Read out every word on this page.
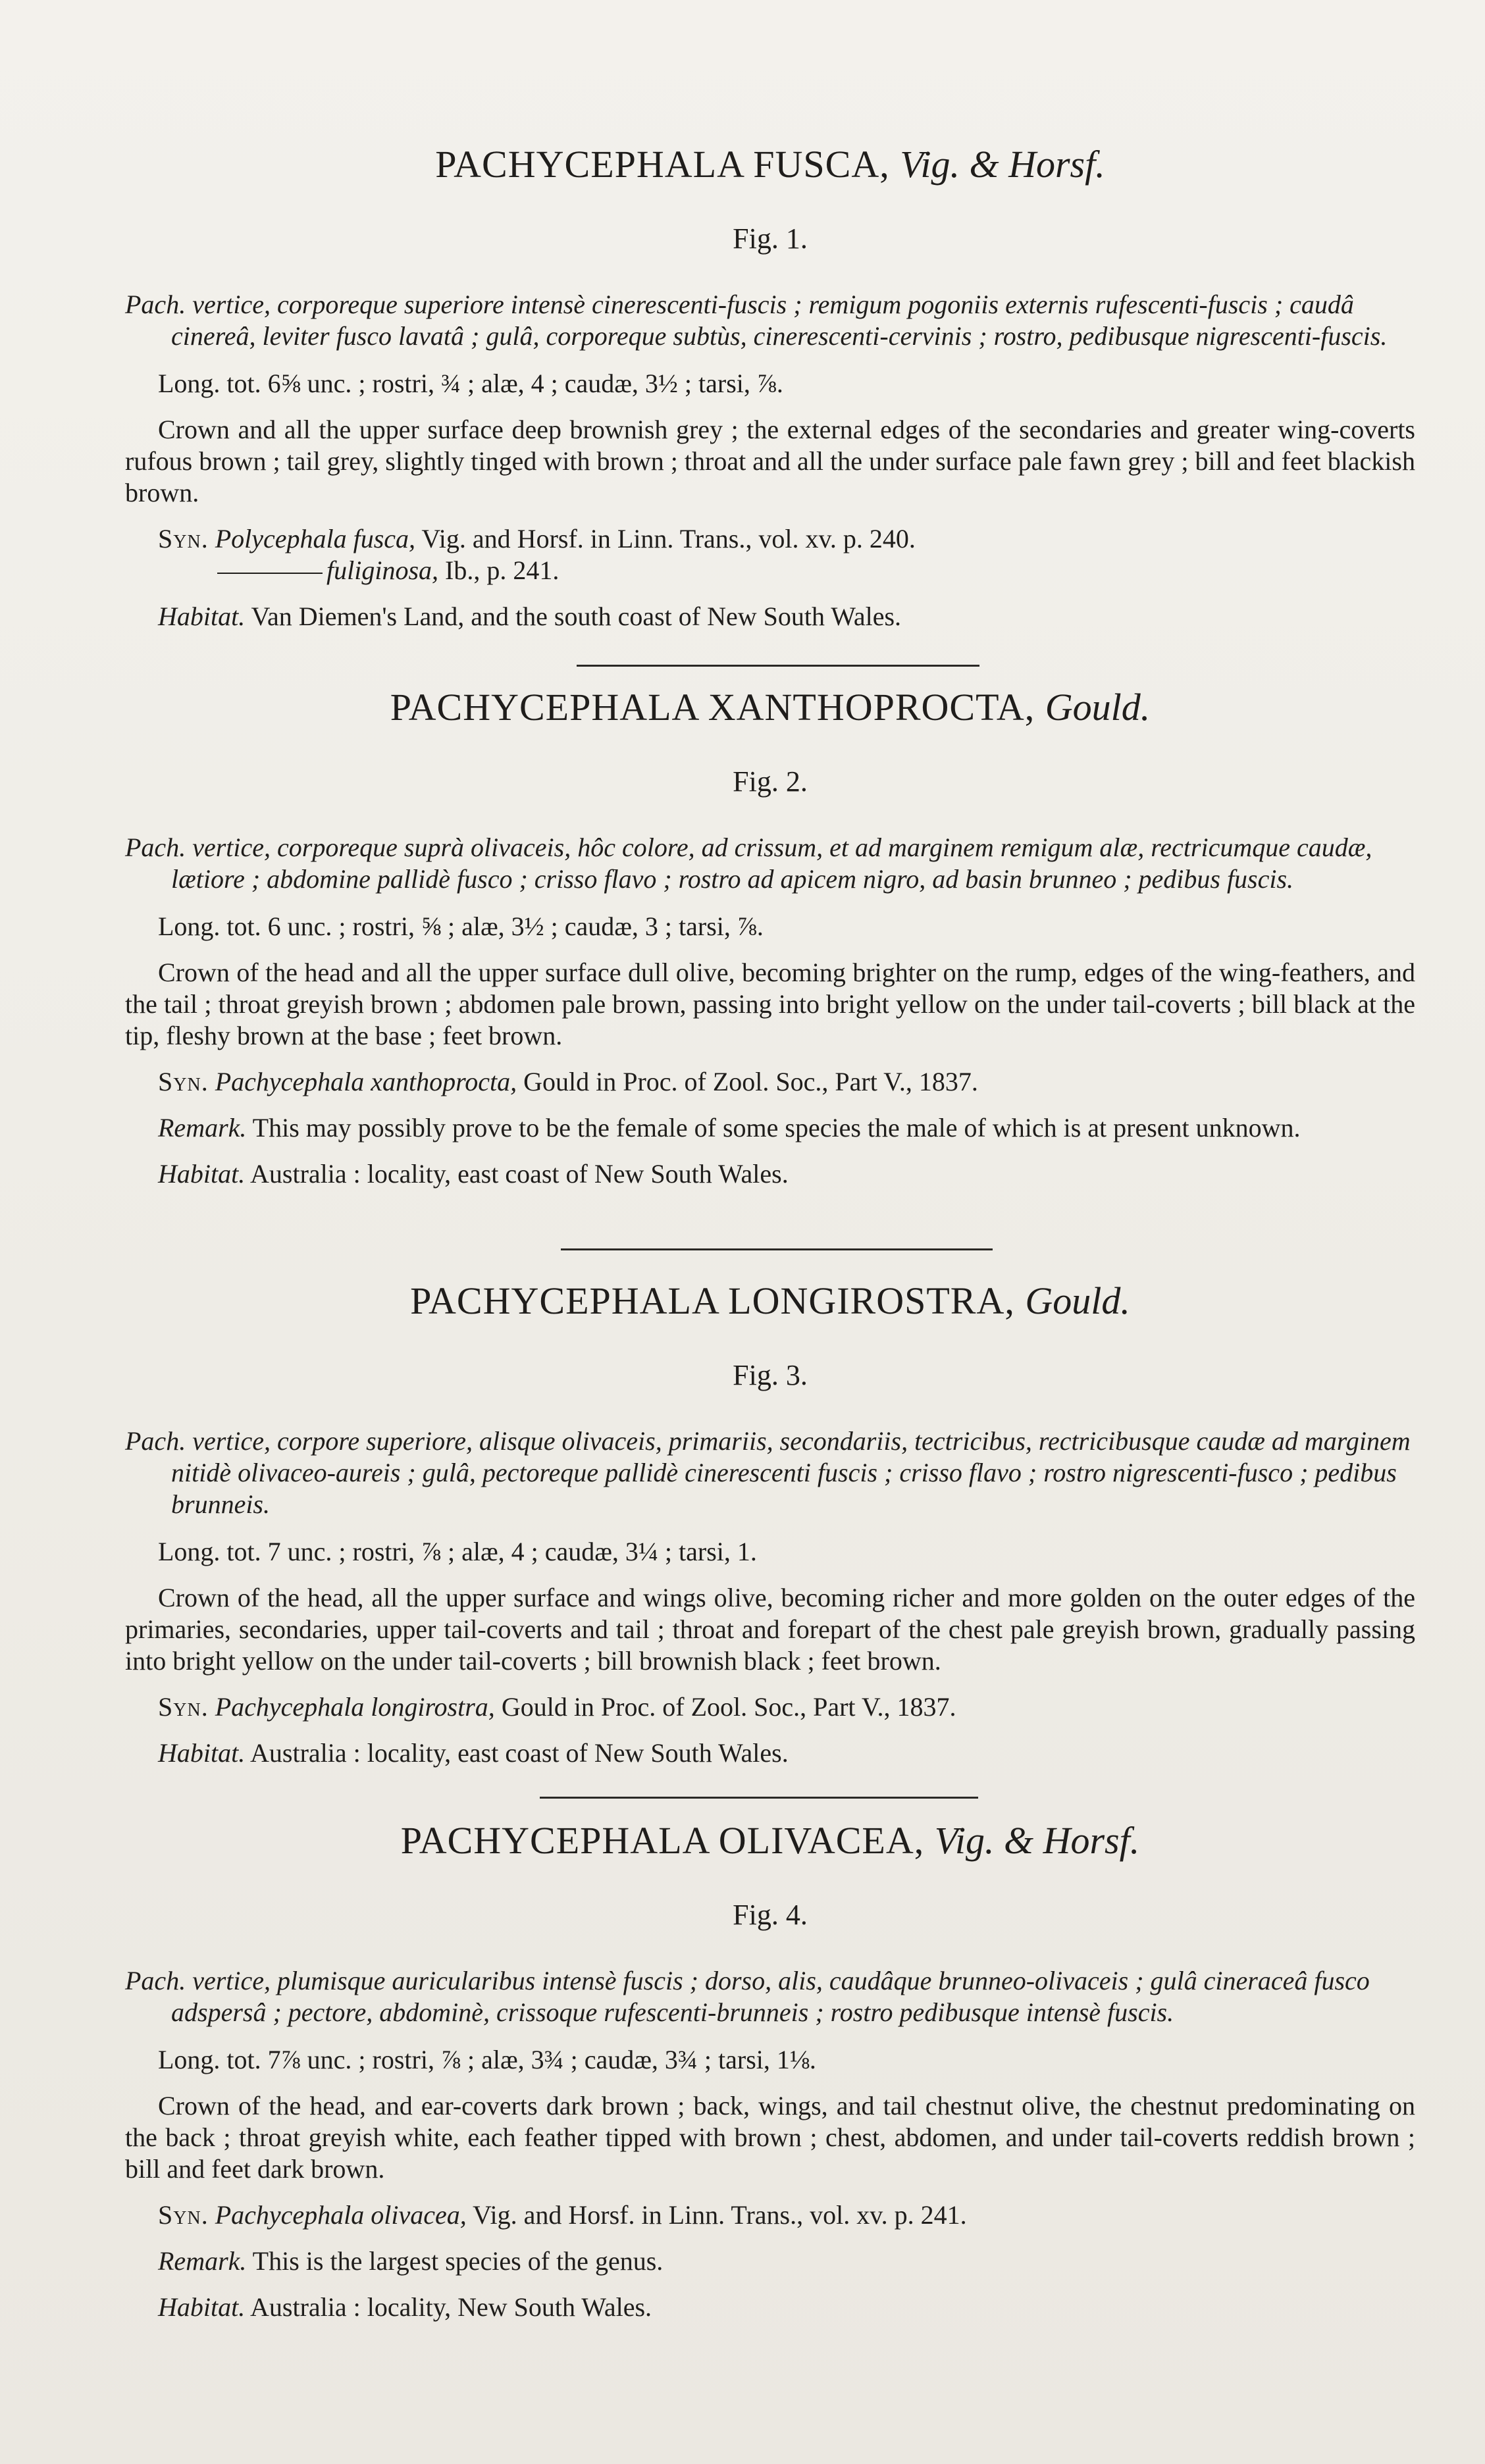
PACHYCEPHALA FUSCA, Vig. & Horsf.
Fig. 1.
Pach. vertice, corporeque superiore intensè cinerescenti-fuscis ; remigum pogoniis externis rufescenti-fuscis ; caudâ cinereâ, leviter fusco lavatâ ; gulâ, corporeque subtùs, cinerescenti-cervinis ; rostro, pedibusque nigrescenti-fuscis.
Long. tot. 6⅝ unc. ; rostri, ¾ ; alæ, 4 ; caudæ, 3½ ; tarsi, ⅞.
Crown and all the upper surface deep brownish grey ; the external edges of the secondaries and greater wing-coverts rufous brown ; tail grey, slightly tinged with brown ; throat and all the under surface pale fawn grey ; bill and feet blackish brown.
Syn. Polycephala fusca, Vig. and Horsf. in Linn. Trans., vol. xv. p. 240.
fuliginosa, Ib., p. 241.
Habitat. Van Diemen's Land, and the south coast of New South Wales.
PACHYCEPHALA XANTHOPROCTA, Gould.
Fig. 2.
Pach. vertice, corporeque suprà olivaceis, hôc colore, ad crissum, et ad marginem remigum alæ, rectricumque caudæ, lætiore ; abdomine pallidè fusco ; crisso flavo ; rostro ad apicem nigro, ad basin brunneo ; pedibus fuscis.
Long. tot. 6 unc. ; rostri, ⅝ ; alæ, 3½ ; caudæ, 3 ; tarsi, ⅞.
Crown of the head and all the upper surface dull olive, becoming brighter on the rump, edges of the wing-feathers, and the tail ; throat greyish brown ; abdomen pale brown, passing into bright yellow on the under tail-coverts ; bill black at the tip, fleshy brown at the base ; feet brown.
Syn. Pachycephala xanthoprocta, Gould in Proc. of Zool. Soc., Part V., 1837.
Remark. This may possibly prove to be the female of some species the male of which is at present unknown.
Habitat. Australia : locality, east coast of New South Wales.
PACHYCEPHALA LONGIROSTRA, Gould.
Fig. 3.
Pach. vertice, corpore superiore, alisque olivaceis, primariis, secondariis, tectricibus, rectricibusque caudæ ad marginem nitidè olivaceo-aureis ; gulâ, pectoreque pallidè cinerescenti fuscis ; crisso flavo ; rostro nigrescenti-fusco ; pedibus brunneis.
Long. tot. 7 unc. ; rostri, ⅞ ; alæ, 4 ; caudæ, 3¼ ; tarsi, 1.
Crown of the head, all the upper surface and wings olive, becoming richer and more golden on the outer edges of the primaries, secondaries, upper tail-coverts and tail ; throat and forepart of the chest pale greyish brown, gradually passing into bright yellow on the under tail-coverts ; bill brownish black ; feet brown.
Syn. Pachycephala longirostra, Gould in Proc. of Zool. Soc., Part V., 1837.
Habitat. Australia : locality, east coast of New South Wales.
PACHYCEPHALA OLIVACEA, Vig. & Horsf.
Fig. 4.
Pach. vertice, plumisque auricularibus intensè fuscis ; dorso, alis, caudâque brunneo-olivaceis ; gulâ cineraceâ fusco adspersâ ; pectore, abdominè, crissoque rufescenti-brunneis ; rostro pedibusque intensè fuscis.
Long. tot. 7⅞ unc. ; rostri, ⅞ ; alæ, 3¾ ; caudæ, 3¾ ; tarsi, 1⅛.
Crown of the head, and ear-coverts dark brown ; back, wings, and tail chestnut olive, the chestnut predominating on the back ; throat greyish white, each feather tipped with brown ; chest, abdomen, and under tail-coverts reddish brown ; bill and feet dark brown.
Syn. Pachycephala olivacea, Vig. and Horsf. in Linn. Trans., vol. xv. p. 241.
Remark. This is the largest species of the genus.
Habitat. Australia : locality, New South Wales.
